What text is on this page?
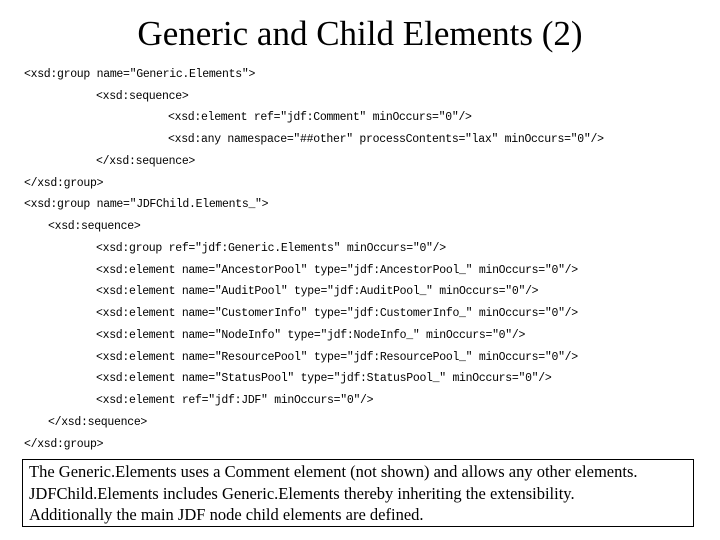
Generic and Child Elements (2)
<xsd:group name="Generic.Elements">
<xsd:sequence>
<xsd:element ref="jdf:Comment" minOccurs="0"/>
<xsd:any namespace="##other" processContents="lax" minOccurs="0"/>
</xsd:sequence>
</xsd:group>
<xsd:group name="JDFChild.Elements_">
<xsd:sequence>
<xsd:group ref="jdf:Generic.Elements" minOccurs="0"/>
<xsd:element name="AncestorPool" type="jdf:AncestorPool_" minOccurs="0"/>
<xsd:element name="AuditPool" type="jdf:AuditPool_" minOccurs="0"/>
<xsd:element name="CustomerInfo" type="jdf:CustomerInfo_" minOccurs="0"/>
<xsd:element name="NodeInfo" type="jdf:NodeInfo_" minOccurs="0"/>
<xsd:element name="ResourcePool" type="jdf:ResourcePool_" minOccurs="0"/>
<xsd:element name="StatusPool" type="jdf:StatusPool_" minOccurs="0"/>
<xsd:element ref="jdf:JDF" minOccurs="0"/>
</xsd:sequence>
</xsd:group>
The Generic.Elements uses a Comment element (not shown) and allows any other elements.
JDFChild.Elements includes Generic.Elements thereby inheriting the extensibility.
Additionally the main JDF node child elements are defined.
